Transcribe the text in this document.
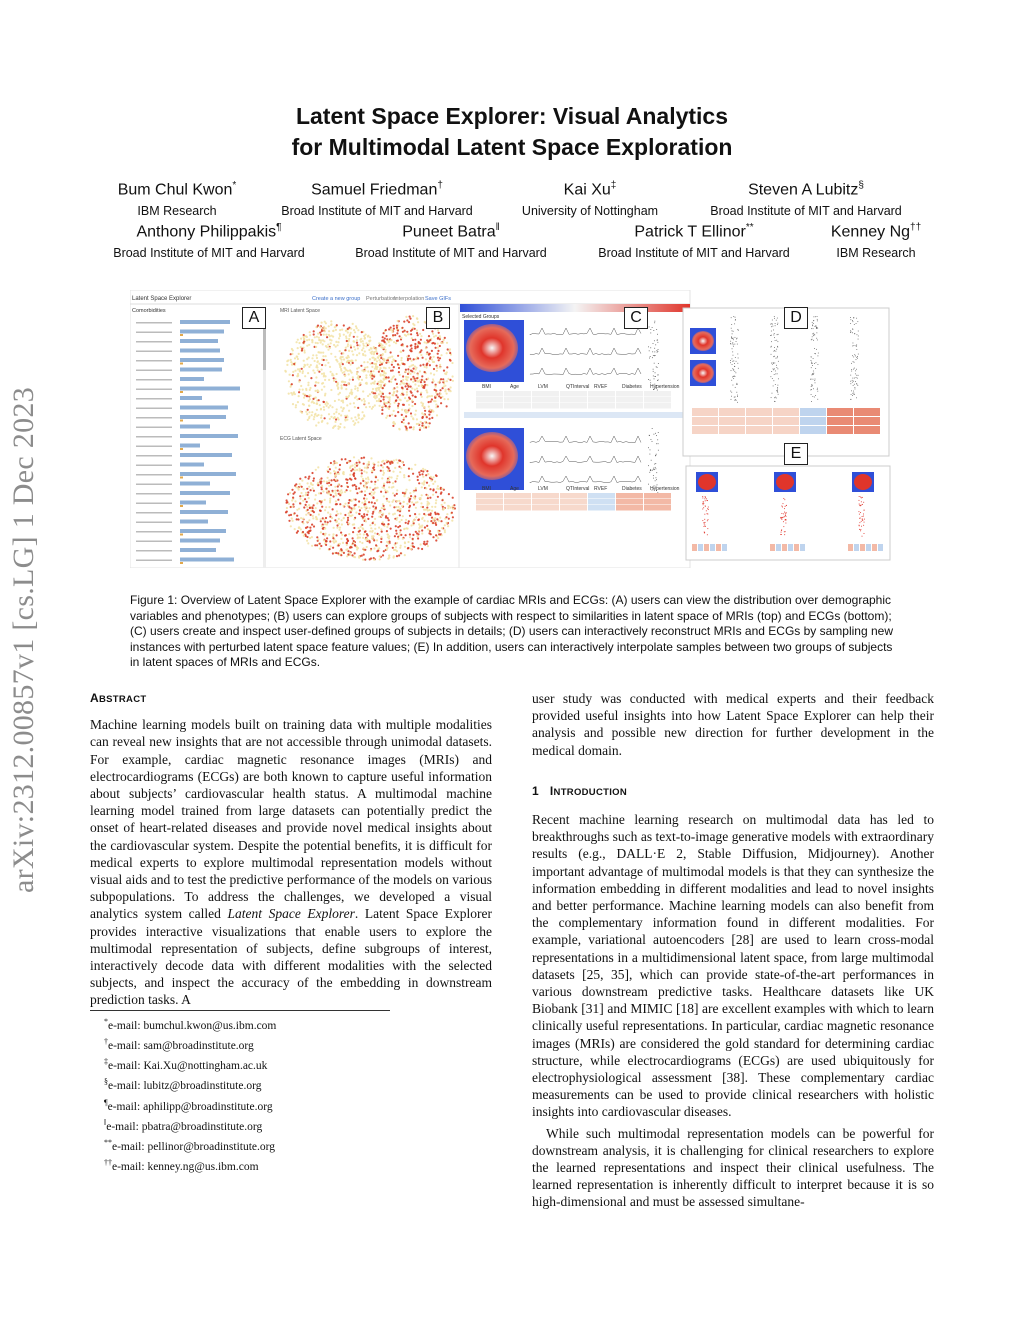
arXiv:2312.00857v1 [cs.LG] 1 Dec 2023
Latent Space Explorer: Visual Analytics
for Multimodal Latent Space Exploration
Bum Chul Kwon*
IBM Research
Samuel Friedman†
Broad Institute of MIT and Harvard
Kai Xu‡
University of Nottingham
Steven A Lubitz§
Broad Institute of MIT and Harvard
Anthony Philippakis¶
Broad Institute of MIT and Harvard
Puneet Batra‖
Broad Institute of MIT and Harvard
Patrick T Ellinor**
Broad Institute of MIT and Harvard
Kenney Ng††
IBM Research
Latent Space Explorer	Create a new group Perturbation
Interpolation Save GIFs
Comorbidities	MRI Latent Space
ECG Latent Space
Selected Groups
BMI	Age	LVM	QTInterval RVEF	Diabetes Hypertension
BMI	Age	LVM	QTInterval RVEF	Diabetes Hypertension
A	B	C	D
E
Figure 1: Overview of Latent Space Explorer with the example of cardiac MRIs and ECGs: (A) users can view the distribution over demographic variables and phenotypes; (B) users can explore groups of subjects with respect to similarities in latent space of MRIs (top) and ECGs (bottom); (C) users create and inspect user-defined groups of subjects in details; (D) users can interactively reconstruct MRIs and ECGs by sampling new instances with perturbed latent space feature values; (E) In addition, users can interactively interpolate samples between two groups of subjects in latent spaces of MRIs and ECGs.
ABSTRACT

Machine learning models built on training data with multiple modalities can reveal new insights that are not accessible through unimodal datasets. For example, cardiac magnetic resonance images (MRIs) and electrocardiograms (ECGs) are both known to capture useful information about subjects’ cardiovascular health status. A multimodal machine learning model trained from large datasets can potentially predict the onset of heart-related diseases and provide novel medical insights about the cardiovascular system. Despite the potential benefits, it is difficult for medical experts to explore multimodal representation models without visual aids and to test the predictive performance of the models on various subpopulations. To address the challenges, we developed a visual analytics system called Latent Space Explorer. Latent Space Explorer provides interactive visualizations that enable users to explore the multimodal representation of subjects, define subgroups of interest, interactively decode data with different modalities with the selected subjects, and inspect the accuracy of the embedding in downstream prediction tasks. A

*e-mail: bumchul.kwon@us.ibm.com
†e-mail: sam@broadinstitute.org
‡e-mail: Kai.Xu@nottingham.ac.uk
§e-mail: lubitz@broadinstitute.org
¶e-mail: aphilipp@broadinstitute.org
‖e-mail: pbatra@broadinstitute.org
**e-mail: pellinor@broadinstitute.org
††e-mail: kenney.ng@us.ibm.com

user study was conducted with medical experts and their feedback provided useful insights into how Latent Space Explorer can help their analysis and possible new direction for further development in the medical domain.

1 INTRODUCTION

Recent machine learning research on multimodal data has led to breakthroughs such as text-to-image generative models with extraordinary results (e.g., DALL·E 2, Stable Diffusion, Midjourney). Another important advantage of multimodal models is that they can synthesize the information embedding in different modalities and lead to novel insights and better performance. Machine learning models can also benefit from the complementary information found in different modalities. For example, variational autoencoders [28] are used to learn cross-modal representations in a multidimensional latent space, from large multimodal datasets [25, 35], which can provide state-of-the-art performances in various downstream predictive tasks. Healthcare datasets like UK Biobank [31] and MIMIC [18] are excellent examples with which to learn clinically useful representations. In particular, cardiac magnetic resonance images (MRIs) are considered the gold standard for determining cardiac structure, while electrocardiograms (ECGs) are used ubiquitously for electrophysiological assessment [38]. These complementary cardiac measurements can be used to provide clinical researchers with holistic insights into cardiovascular diseases.

While such multimodal representation models can be powerful for downstream analysis, it is challenging for clinical researchers to explore the learned representations and inspect their clinical usefulness. The learned representation is inherently difficult to interpret because it is so high-dimensional and must be assessed simultane-
